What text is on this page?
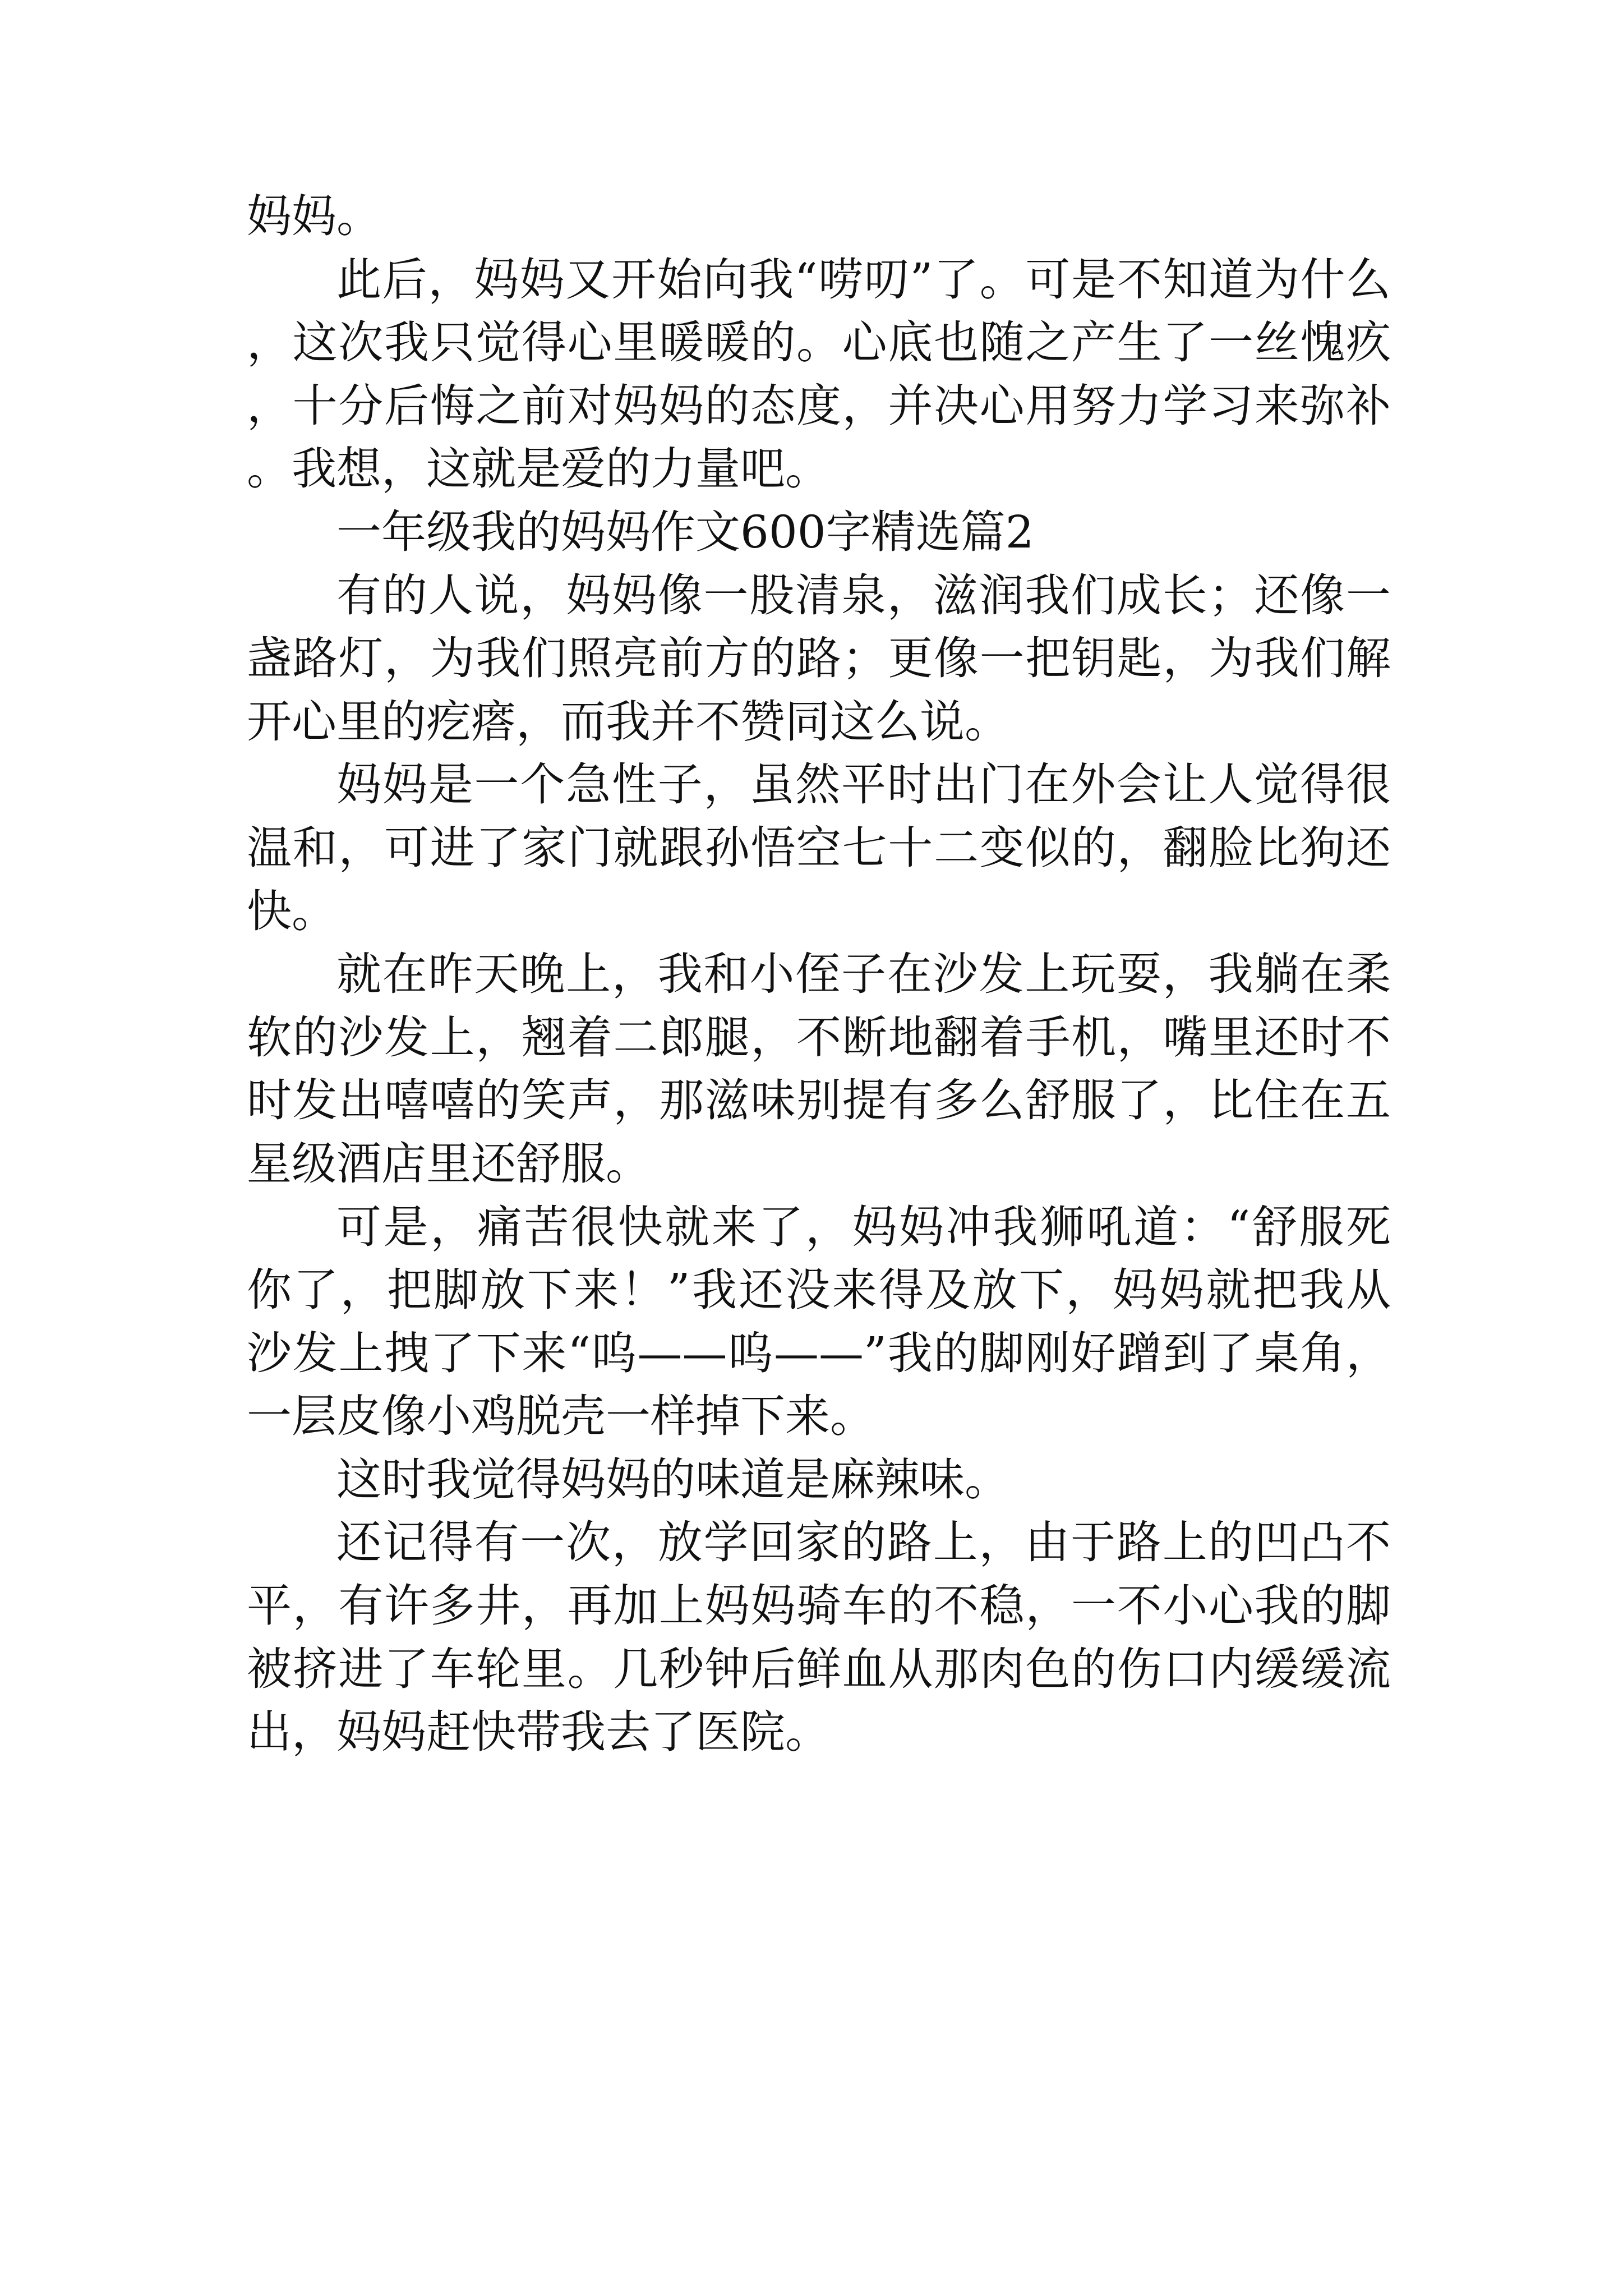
妈妈。

此后，妈妈又开始向我“唠叨”了。可是不知道为什么，这次我只觉得心里暖暖的。心底也随之产生了一丝愧疚，十分后悔之前对妈妈的态度，并决心用努力学习来弥补。我想，这就是爱的力量吧。

一年级我的妈妈作文600字精选篇2

有的人说，妈妈像一股清泉，滋润我们成长；还像一盏路灯，为我们照亮前方的路；更像一把钥匙，为我们解开心里的疙瘩，而我并不赞同这么说。

妈妈是一个急性子，虽然平时出门在外会让人觉得很温和，可进了家门就跟孙悟空七十二变似的，翻脸比狗还快。

就在昨天晚上，我和小侄子在沙发上玩耍，我躺在柔软的沙发上，翘着二郎腿，不断地翻着手机，嘴里还时不时发出嘻嘻的笑声，那滋味别提有多么舒服了，比住在五星级酒店里还舒服。

可是，痛苦很快就来了，妈妈冲我狮吼道：“舒服死你了，把脚放下来！”我还没来得及放下，妈妈就把我从沙发上拽了下来“呜——呜——”我的脚刚好蹭到了桌角，一层皮像小鸡脱壳一样掉下来。

这时我觉得妈妈的味道是麻辣味。

还记得有一次，放学回家的路上，由于路上的凹凸不平，有许多井，再加上妈妈骑车的不稳，一不小心我的脚被挤进了车轮里。几秒钟后鲜血从那肉色的伤口内缓缓流出，妈妈赶快带我去了医院。
